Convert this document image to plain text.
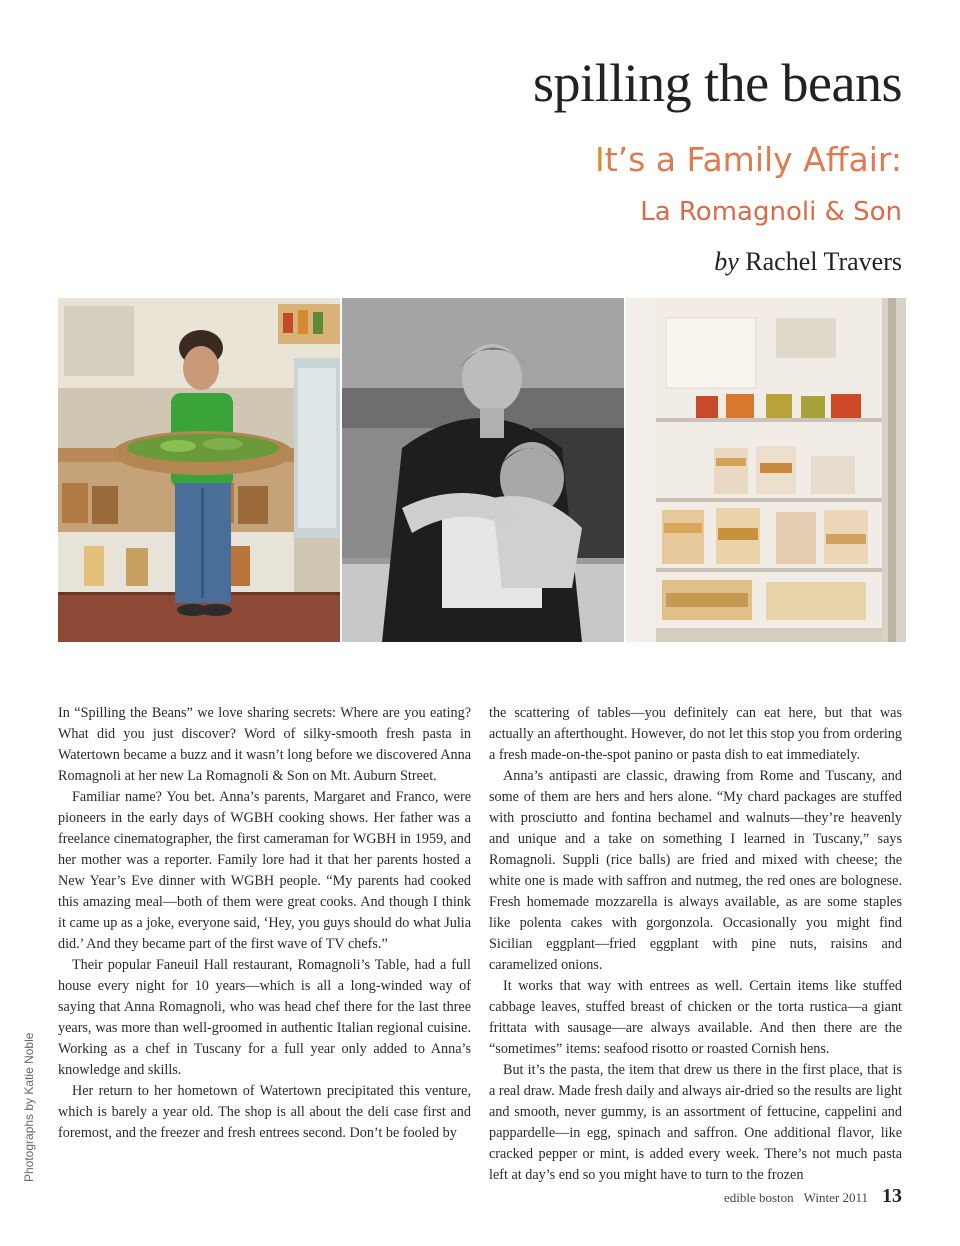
spilling the beans
It’s a Family Affair:
La Romagnoli & Son
by Rachel Travers
Photographs by Katie Noble

In “Spilling the Beans” we love sharing secrets: Where are you eating? What did you just discover? Word of silky-smooth fresh pasta in Watertown became a buzz and it wasn’t long before we discovered Anna Romagnoli at her new La Romagnoli & Son on Mt. Auburn Street.

Familiar name? You bet. Anna’s parents, Margaret and Franco, were pioneers in the early days of WGBH cooking shows. Her father was a freelance cinematographer, the first cameraman for WGBH in 1959, and her mother was a reporter. Family lore had it that her parents hosted a New Year’s Eve dinner with WGBH people. “My parents had cooked this amazing meal—both of them were great cooks. And though I think it came up as a joke, everyone said, ‘Hey, you guys should do what Julia did.’ And they became part of the first wave of TV chefs.”

Their popular Faneuil Hall restaurant, Romagnoli’s Table, had a full house every night for 10 years—which is all a long-winded way of saying that Anna Romagnoli, who was head chef there for the last three years, was more than well-groomed in authentic Italian regional cuisine. Working as a chef in Tuscany for a full year only added to Anna’s knowledge and skills.

Her return to her hometown of Watertown precipitated this venture, which is barely a year old. The shop is all about the deli case first and foremost, and the freezer and fresh entrees second. Don’t be fooled by

the scattering of tables—you definitely can eat here, but that was actually an afterthought. However, do not let this stop you from ordering a fresh made-on-the-spot panino or pasta dish to eat immediately.

Anna’s antipasti are classic, drawing from Rome and Tuscany, and some of them are hers and hers alone. “My chard packages are stuffed with prosciutto and fontina bechamel and walnuts—they’re heavenly and unique and a take on something I learned in Tuscany,” says Romagnoli. Suppli (rice balls) are fried and mixed with cheese; the white one is made with saffron and nutmeg, the red ones are bolognese. Fresh homemade mozzarella is always available, as are some staples like polenta cakes with gorgonzola. Occasionally you might find Sicilian eggplant—fried eggplant with pine nuts, raisins and caramelized onions.

It works that way with entrees as well. Certain items like stuffed cabbage leaves, stuffed breast of chicken or the torta rustica—a giant frittata with sausage—are always available. And then there are the “sometimes” items: seafood risotto or roasted Cornish hens.

But it’s the pasta, the item that drew us there in the first place, that is a real draw. Made fresh daily and always air-dried so the results are light and smooth, never gummy, is an assortment of fettucine, cappelini and pappardelle—in egg, spinach and saffron. One additional flavor, like cracked pepper or mint, is added every week. There’s not much pasta left at day’s end so you might have to turn to the frozen

edible boston Winter 2011 13
